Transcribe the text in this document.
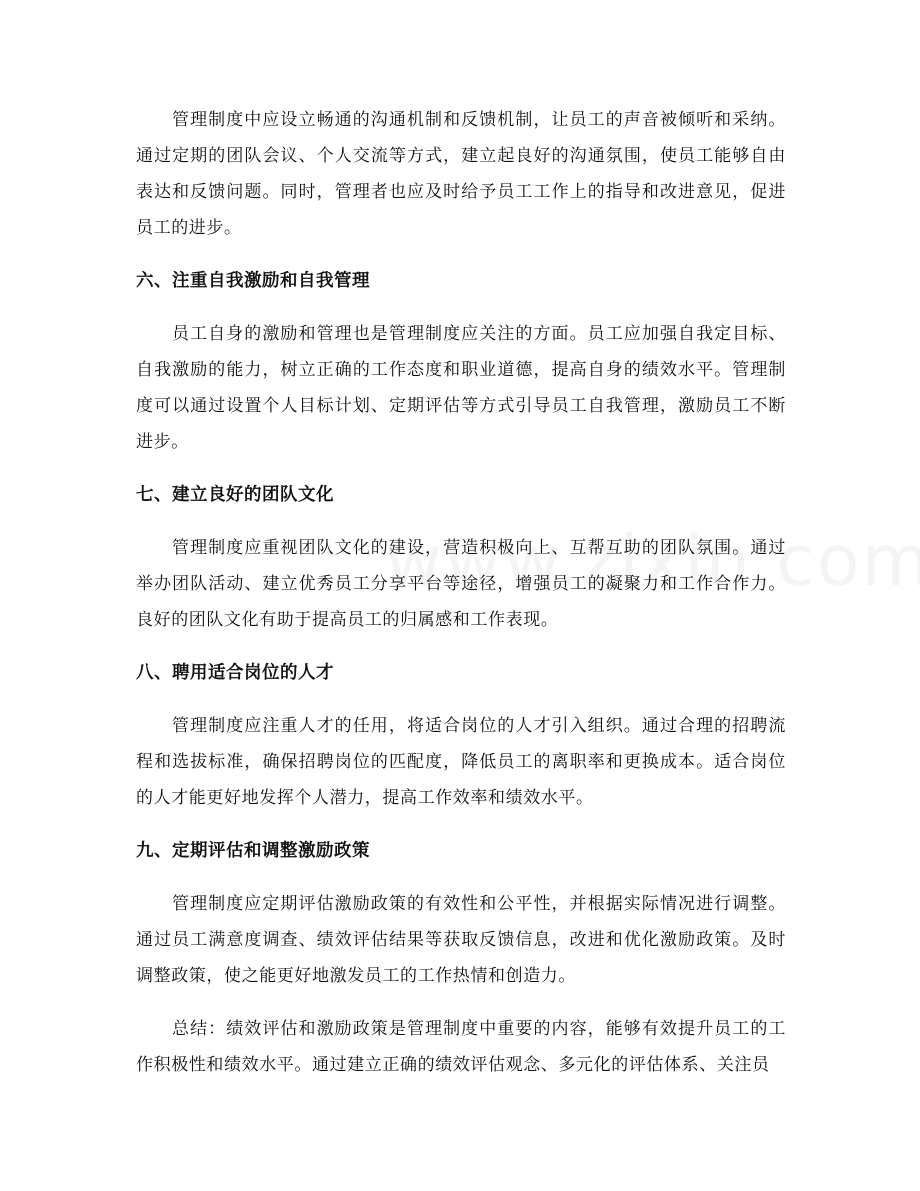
管理制度中应设立畅通的沟通机制和反馈机制，让员工的声音被倾听和采纳。通过定期的团队会议、个人交流等方式，建立起良好的沟通氛围，使员工能够自由表达和反馈问题。同时，管理者也应及时给予员工工作上的指导和改进意见，促进员工的进步。

六、注重自我激励和自我管理

员工自身的激励和管理也是管理制度应关注的方面。员工应加强自我定目标、自我激励的能力，树立正确的工作态度和职业道德，提高自身的绩效水平。管理制度可以通过设置个人目标计划、定期评估等方式引导员工自我管理，激励员工不断进步。

七、建立良好的团队文化

管理制度应重视团队文化的建设，营造积极向上、互帮互助的团队氛围。通过举办团队活动、建立优秀员工分享平台等途径，增强员工的凝聚力和工作合作力。良好的团队文化有助于提高员工的归属感和工作表现。

八、聘用适合岗位的人才

管理制度应注重人才的任用，将适合岗位的人才引入组织。通过合理的招聘流程和选拔标准，确保招聘岗位的匹配度，降低员工的离职率和更换成本。适合岗位的人才能更好地发挥个人潜力，提高工作效率和绩效水平。

九、定期评估和调整激励政策

管理制度应定期评估激励政策的有效性和公平性，并根据实际情况进行调整。通过员工满意度调查、绩效评估结果等获取反馈信息，改进和优化激励政策。及时调整政策，使之能更好地激发员工的工作热情和创造力。

总结：绩效评估和激励政策是管理制度中重要的内容，能够有效提升员工的工作积极性和绩效水平。通过建立正确的绩效评估观念、多元化的评估体系、关注员
